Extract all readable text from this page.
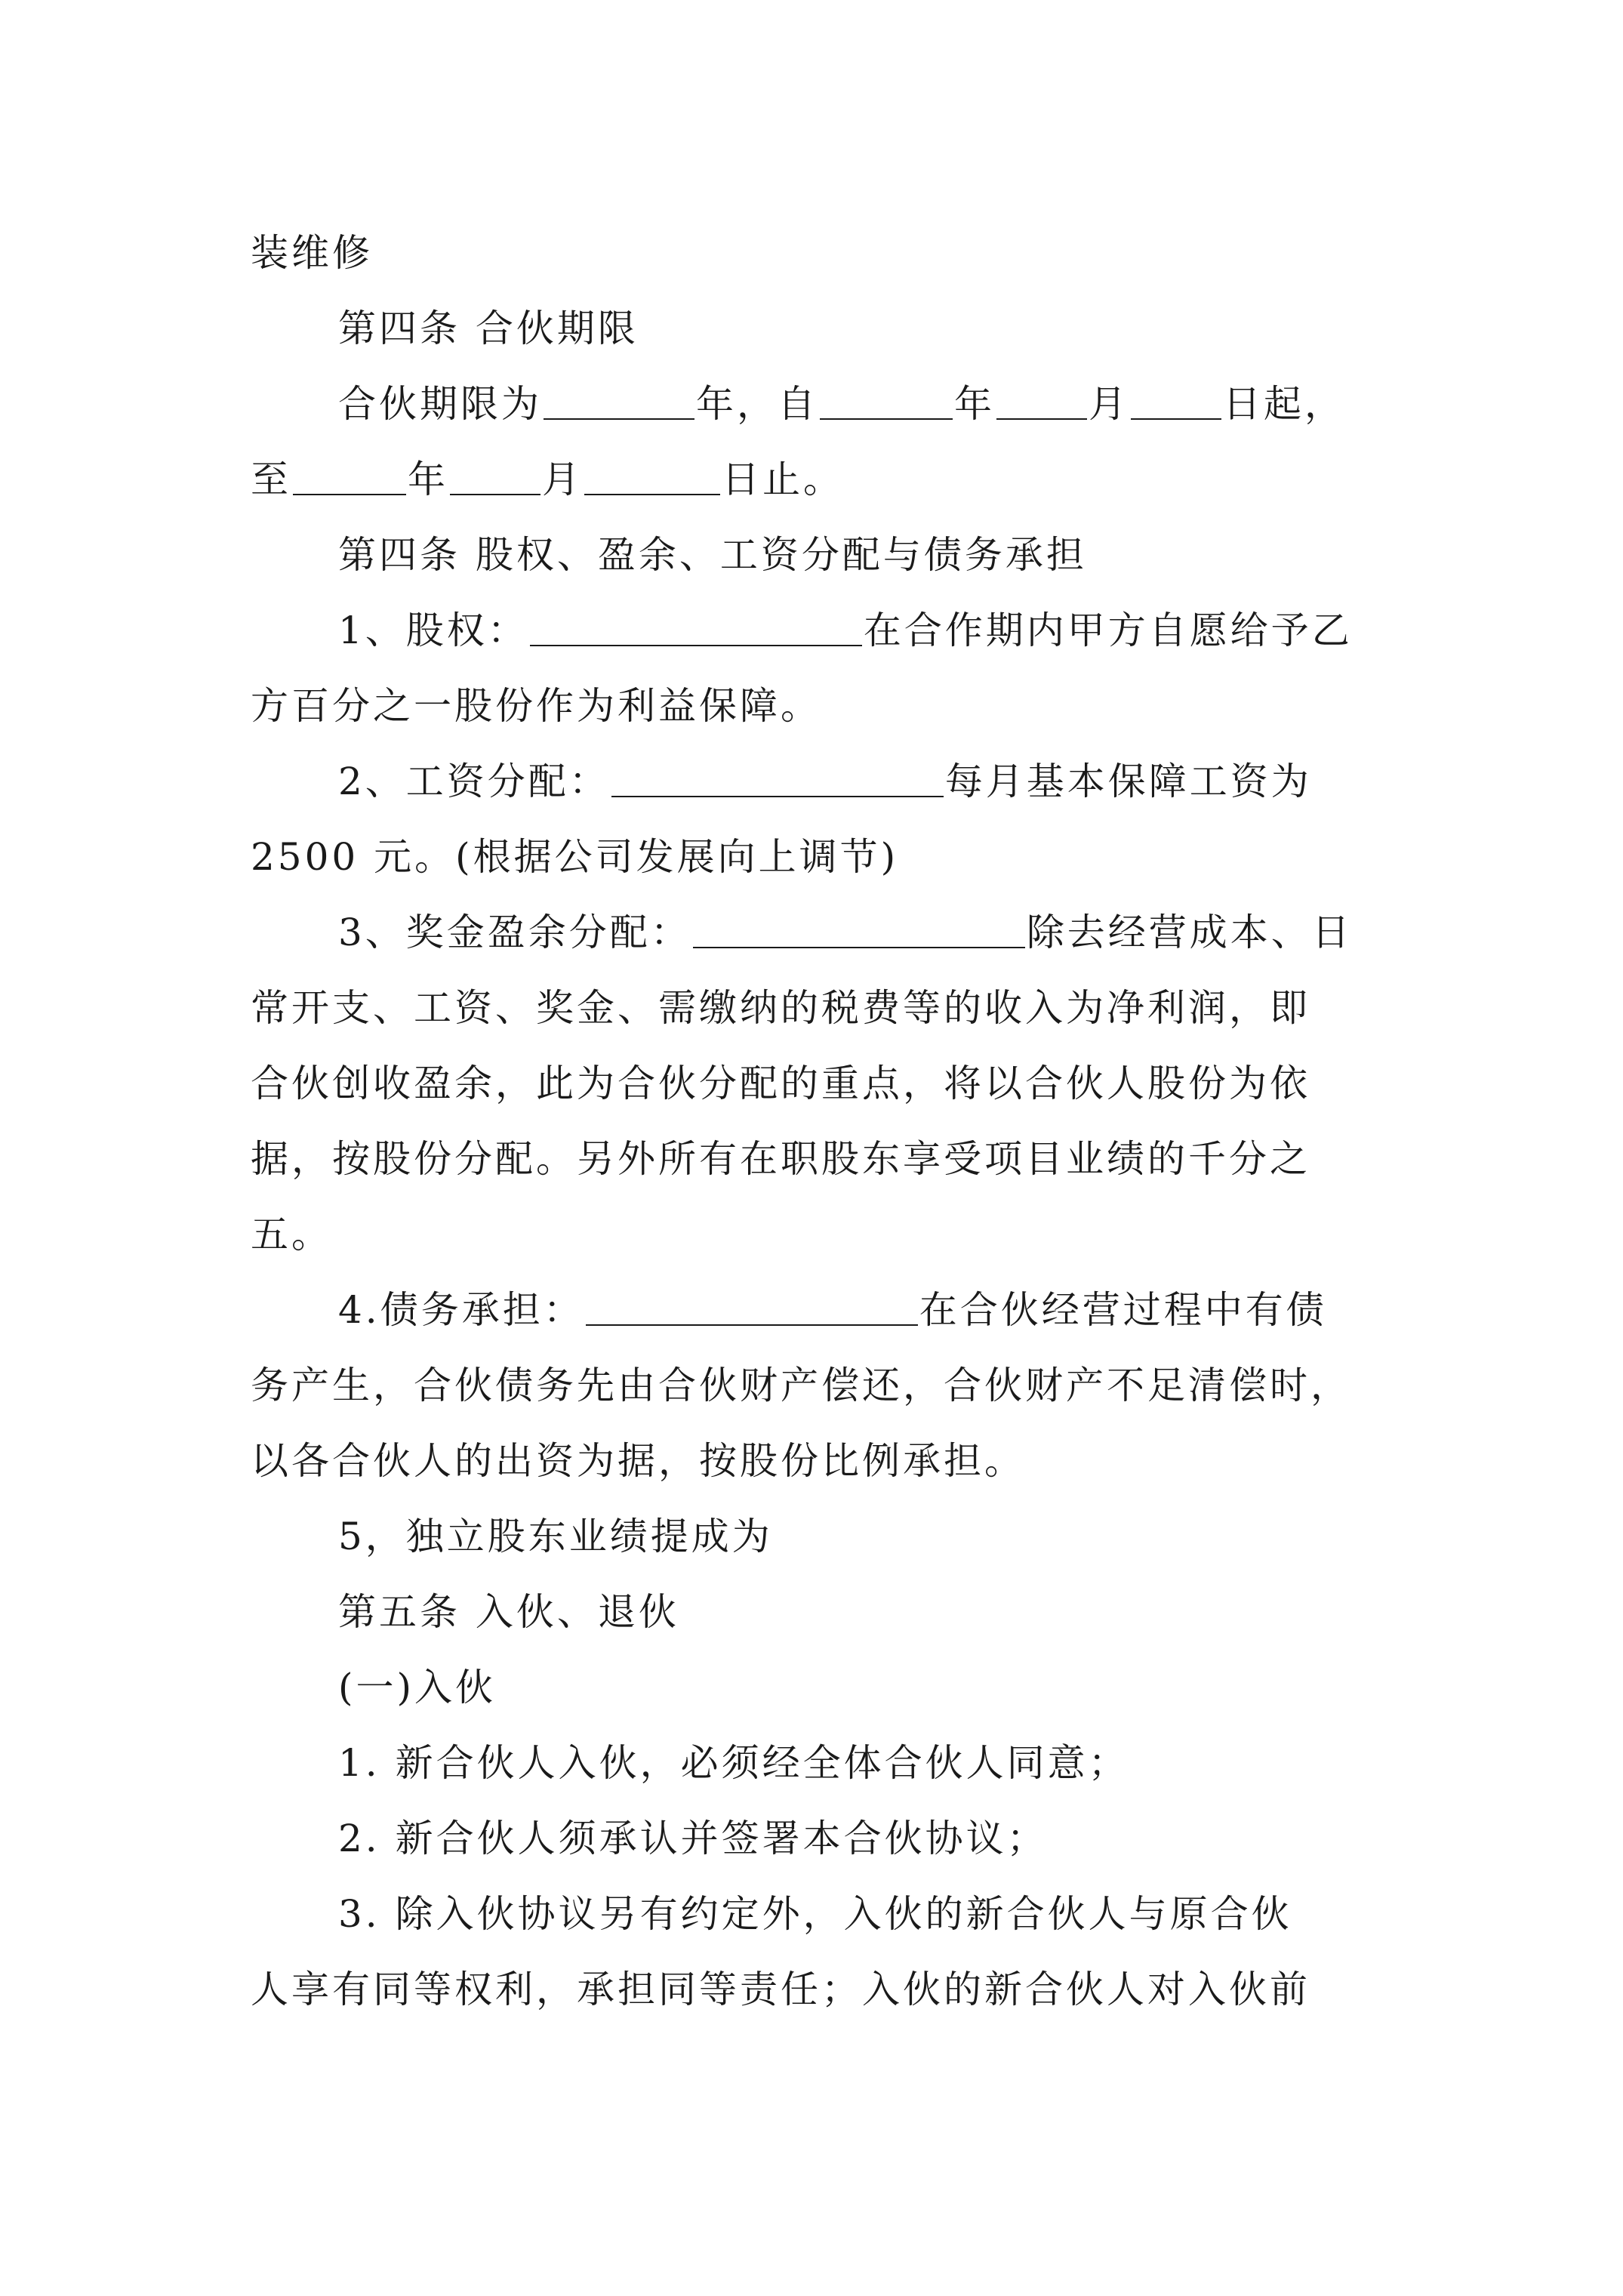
装维修
第四条 合伙期限
合伙期限为	年，自	年 月 日起，
至	年 月	日止。
第四条 股权、盈余、工资分配与债务承担
1、股权：	在合作期内甲方自愿给予乙
方百分之一股份作为利益保障。
2、工资分配：	每月基本保障工资为
2500 元。(根据公司发展向上调节)
3、奖金盈余分配：	除去经营成本、日
常开支、工资、奖金、需缴纳的税费等的收入为净利润，即
合伙创收盈余，此为合伙分配的重点，将以合伙人股份为依
据，按股份分配。另外所有在职股东享受项目业绩的千分之
五。
4.债务承担：	在合伙经营过程中有债
务产生，合伙债务先由合伙财产偿还，合伙财产不足清偿时，
以各合伙人的出资为据，按股份比例承担。
5，独立股东业绩提成为
第五条 入伙、退伙
(一)入伙
1. 新合伙人入伙，必须经全体合伙人同意；
2. 新合伙人须承认并签署本合伙协议；
3. 除入伙协议另有约定外，入伙的新合伙人与原合伙
人享有同等权利，承担同等责任；入伙的新合伙人对入伙前
